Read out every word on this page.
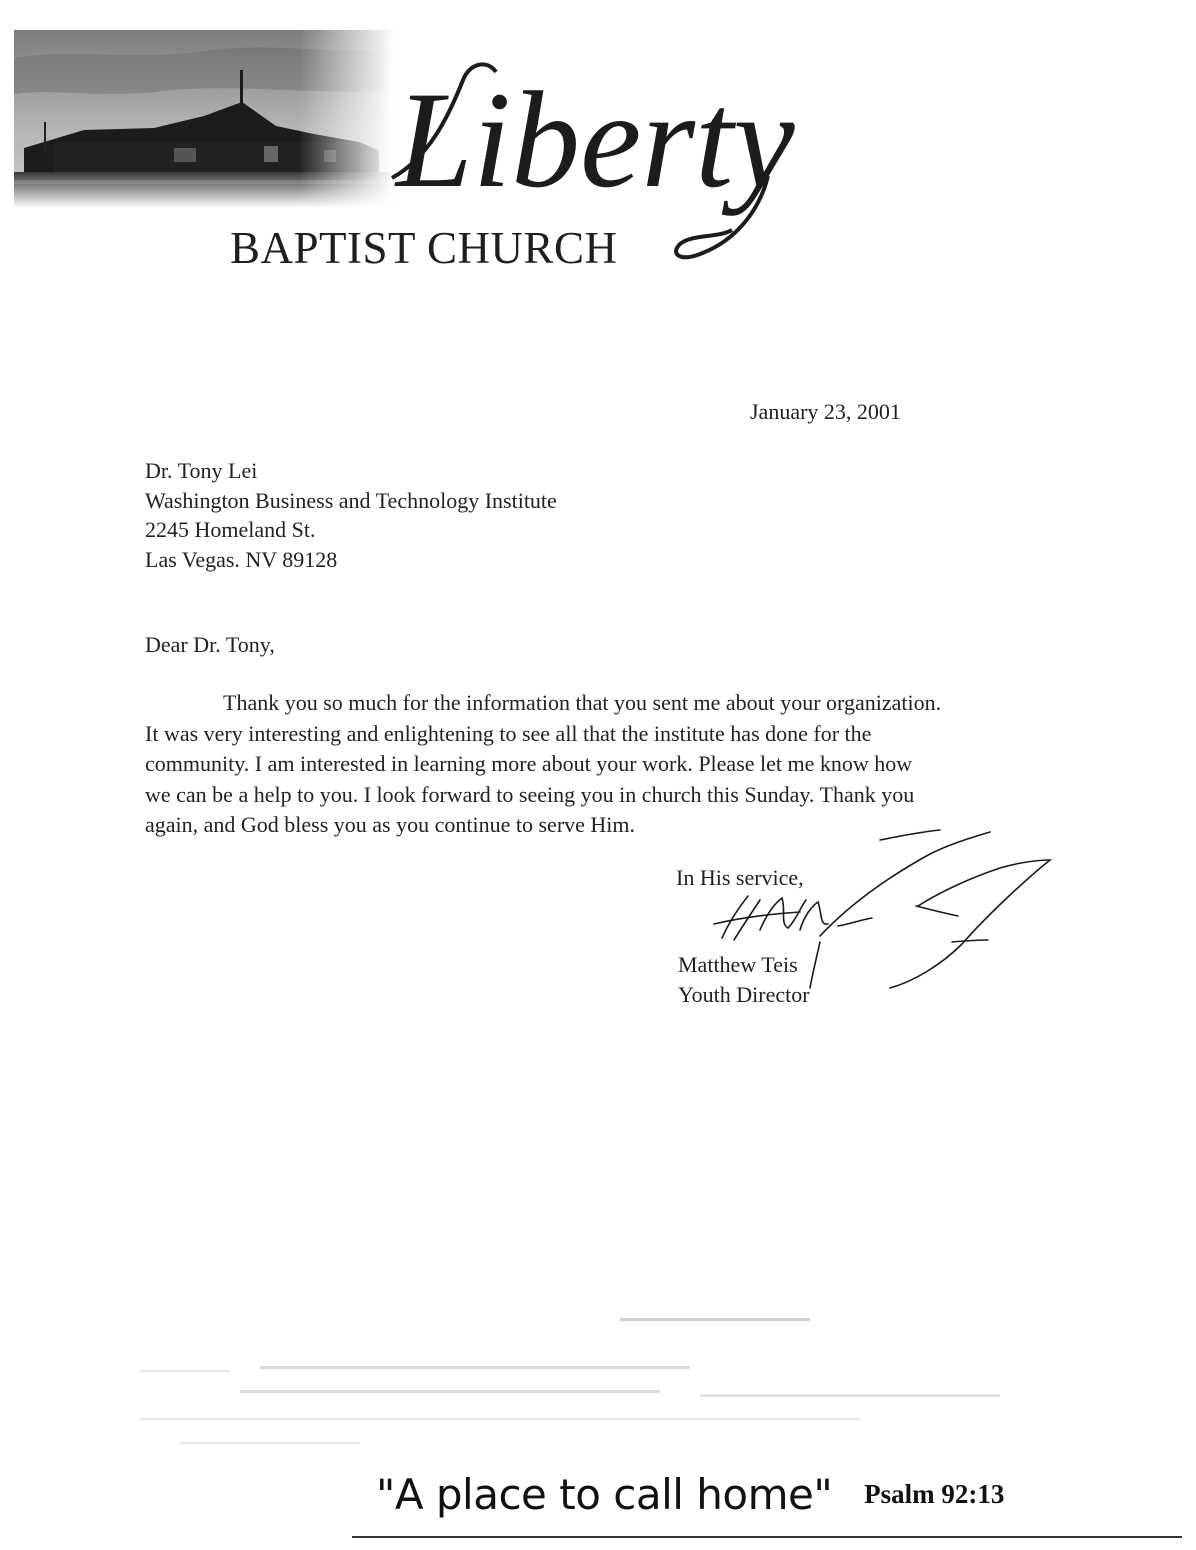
Liberty
BAPTIST CHURCH
January 23, 2001
Dr. Tony Lei
Washington Business and Technology Institute
2245 Homeland St.
Las Vegas. NV 89128
Dear Dr. Tony,
Thank you so much for the information that you sent me about your organization.
It was very interesting and enlightening to see all that the institute has done for the
community. I am interested in learning more about your work. Please let me know how
we can be a help to you. I look forward to seeing you in church this Sunday. Thank you
again, and God bless you as you continue to serve Him.
In His service,
Matthew Teis
Youth Director
"A place to call home" Psalm 92:13
